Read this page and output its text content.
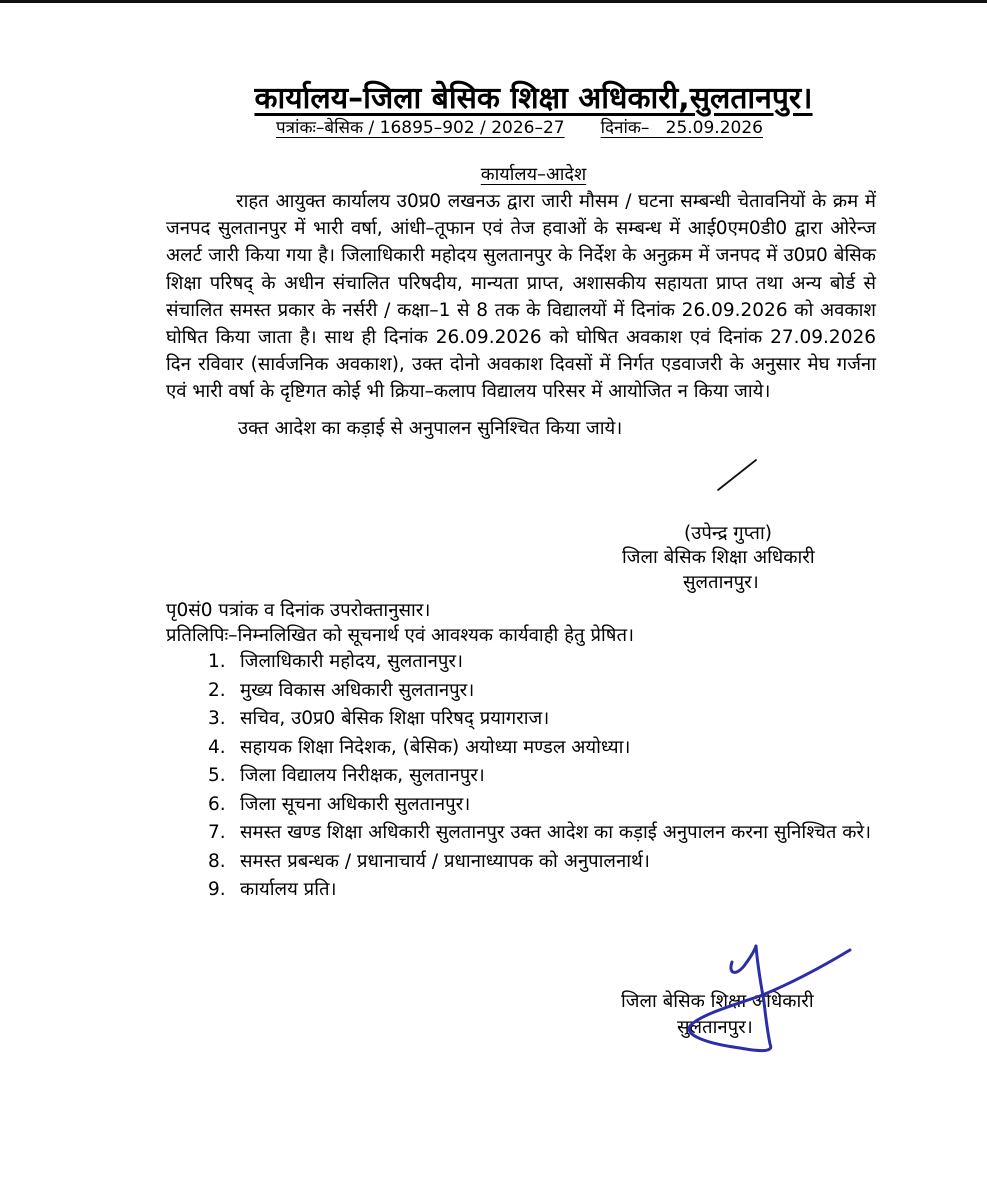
कार्यालय–जिला बेसिक शिक्षा अधिकारी,सुलतानपुर।
पत्रांकः–बेसिक / 16895–902 / 2026–27 दिनांक– 25.09.2026
कार्यालय–आदेश
राहत आयुक्त कार्यालय उ0प्र0 लखनऊ द्वारा जारी मौसम / घटना सम्बन्धी चेतावनियों के क्रम में जनपद सुलतानपुर में भारी वर्षा, आंधी–तूफान एवं तेज हवाओं के सम्बन्ध में आई0एम0डी0 द्वारा ओरेन्ज अलर्ट जारी किया गया है। जिलाधिकारी महोदय सुलतानपुर के निर्देश के अनुक्रम में जनपद में उ0प्र0 बेसिक शिक्षा परिषद् के अधीन संचालित परिषदीय, मान्यता प्राप्त, अशासकीय सहायता प्राप्त तथा अन्य बोर्ड से संचालित समस्त प्रकार के नर्सरी / कक्षा–1 से 8 तक के विद्यालयों में दिनांक 26.09.2026 को अवकाश घोषित किया जाता है। साथ ही दिनांक 26.09.2026 को घोषित अवकाश एवं दिनांक 27.09.2026 दिन रविवार (सार्वजनिक अवकाश), उक्त दोनो अवकाश दिवसों में निर्गत एडवाजरी के अनुसार मेघ गर्जना एवं भारी वर्षा के दृष्टिगत कोई भी क्रिया–कलाप विद्यालय परिसर में आयोजित न किया जाये।
उक्त आदेश का कड़ाई से अनुपालन सुनिश्चित किया जाये।
(उपेन्द्र गुप्ता)
जिला बेसिक शिक्षा अधिकारी
सुलतानपुर।
पृ0सं0 पत्रांक व दिनांक उपरोक्तानुसार।
प्रतिलिपिः–निम्नलिखित को सूचनार्थ एवं आवश्यक कार्यवाही हेतु प्रेषित।
1. जिलाधिकारी महोदय, सुलतानपुर।
2. मुख्य विकास अधिकारी सुलतानपुर।
3. सचिव, उ0प्र0 बेसिक शिक्षा परिषद् प्रयागराज।
4. सहायक शिक्षा निदेशक, (बेसिक) अयोध्या मण्डल अयोध्या।
5. जिला विद्यालय निरीक्षक, सुलतानपुर।
6. जिला सूचना अधिकारी सुलतानपुर।
7. समस्त खण्ड शिक्षा अधिकारी सुलतानपुर उक्त आदेश का कड़ाई अनुपालन करना सुनिश्चित करे।
8. समस्त प्रबन्धक / प्रधानाचार्य / प्रधानाध्यापक को अनुपालनार्थ।
9. कार्यालय प्रति।
जिला बेसिक शिक्षा अधिकारी
सुलतानपुर।
